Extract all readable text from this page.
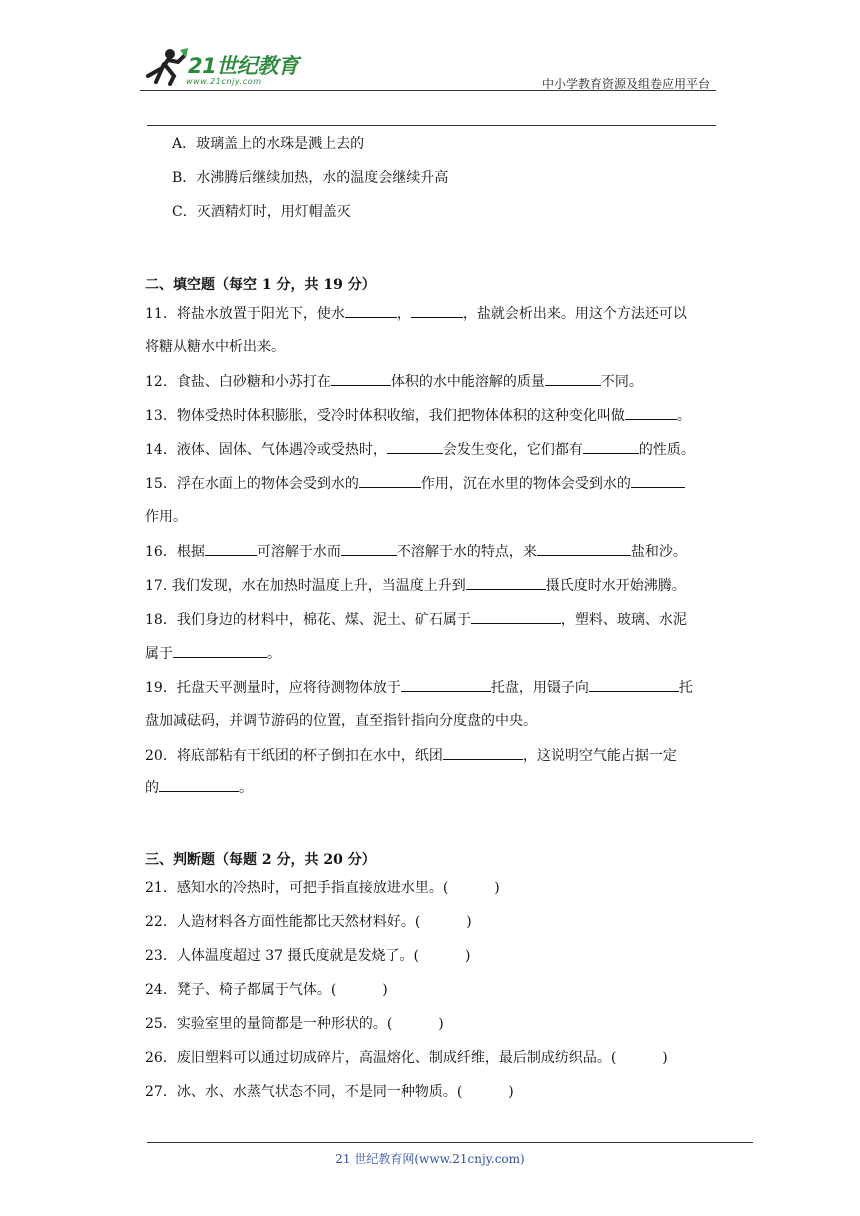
21世纪教育
www.21cnjy.com	中小学教育资源及组卷应用平台
A．玻璃盖上的水珠是溅上去的
B．水沸腾后继续加热，水的温度会继续升高
C．灭酒精灯时，用灯帽盖灭
二、填空题（每空 1 分，共 19 分）
11．将盐水放置于阳光下，使水	，	，盐就会析出来。用这个方法还可以
将糖从糖水中析出来。
12．食盐、白砂糖和小苏打在	体积的水中能溶解的质量	不同。
13．物体受热时体积膨胀，受冷时体积收缩，我们把物体体积的这种变化叫做	。
14．液体、固体、气体遇冷或受热时，	会发生变化，它们都有	的性质。
15．浮在水面上的物体会受到水的	作用，沉在水里的物体会受到水的
作用。
16．根据	可溶解于水而	不溶解于水的特点，来	盐和沙。
17. 我们发现，水在加热时温度上升，当温度上升到	摄氏度时水开始沸腾。
18．我们身边的材料中，棉花、煤、泥土、矿石属于	，塑料、玻璃、水泥
属于	。
19．托盘天平测量时，应将待测物体放于	托盘，用镊子向	托
盘加减砝码，并调节游码的位置，直至指针指向分度盘的中央。
20．将底部粘有干纸团的杯子倒扣在水中，纸团	，这说明空气能占据一定
的	。
三、判断题（每题 2 分，共 20 分）
21．感知水的冷热时，可把手指直接放进水里。(	)
22．人造材料各方面性能都比天然材料好。(	)
23．人体温度超过 37 摄氏度就是发烧了。(	)
24．凳子、椅子都属于气体。(	)
25．实验室里的量筒都是一种形状的。(	)
26．废旧塑料可以通过切成碎片，高温熔化、制成纤维，最后制成纺织品。(	)
27．冰、水、水蒸气状态不同，不是同一种物质。(	)
21 世纪教育网(www.21cnjy.com)
